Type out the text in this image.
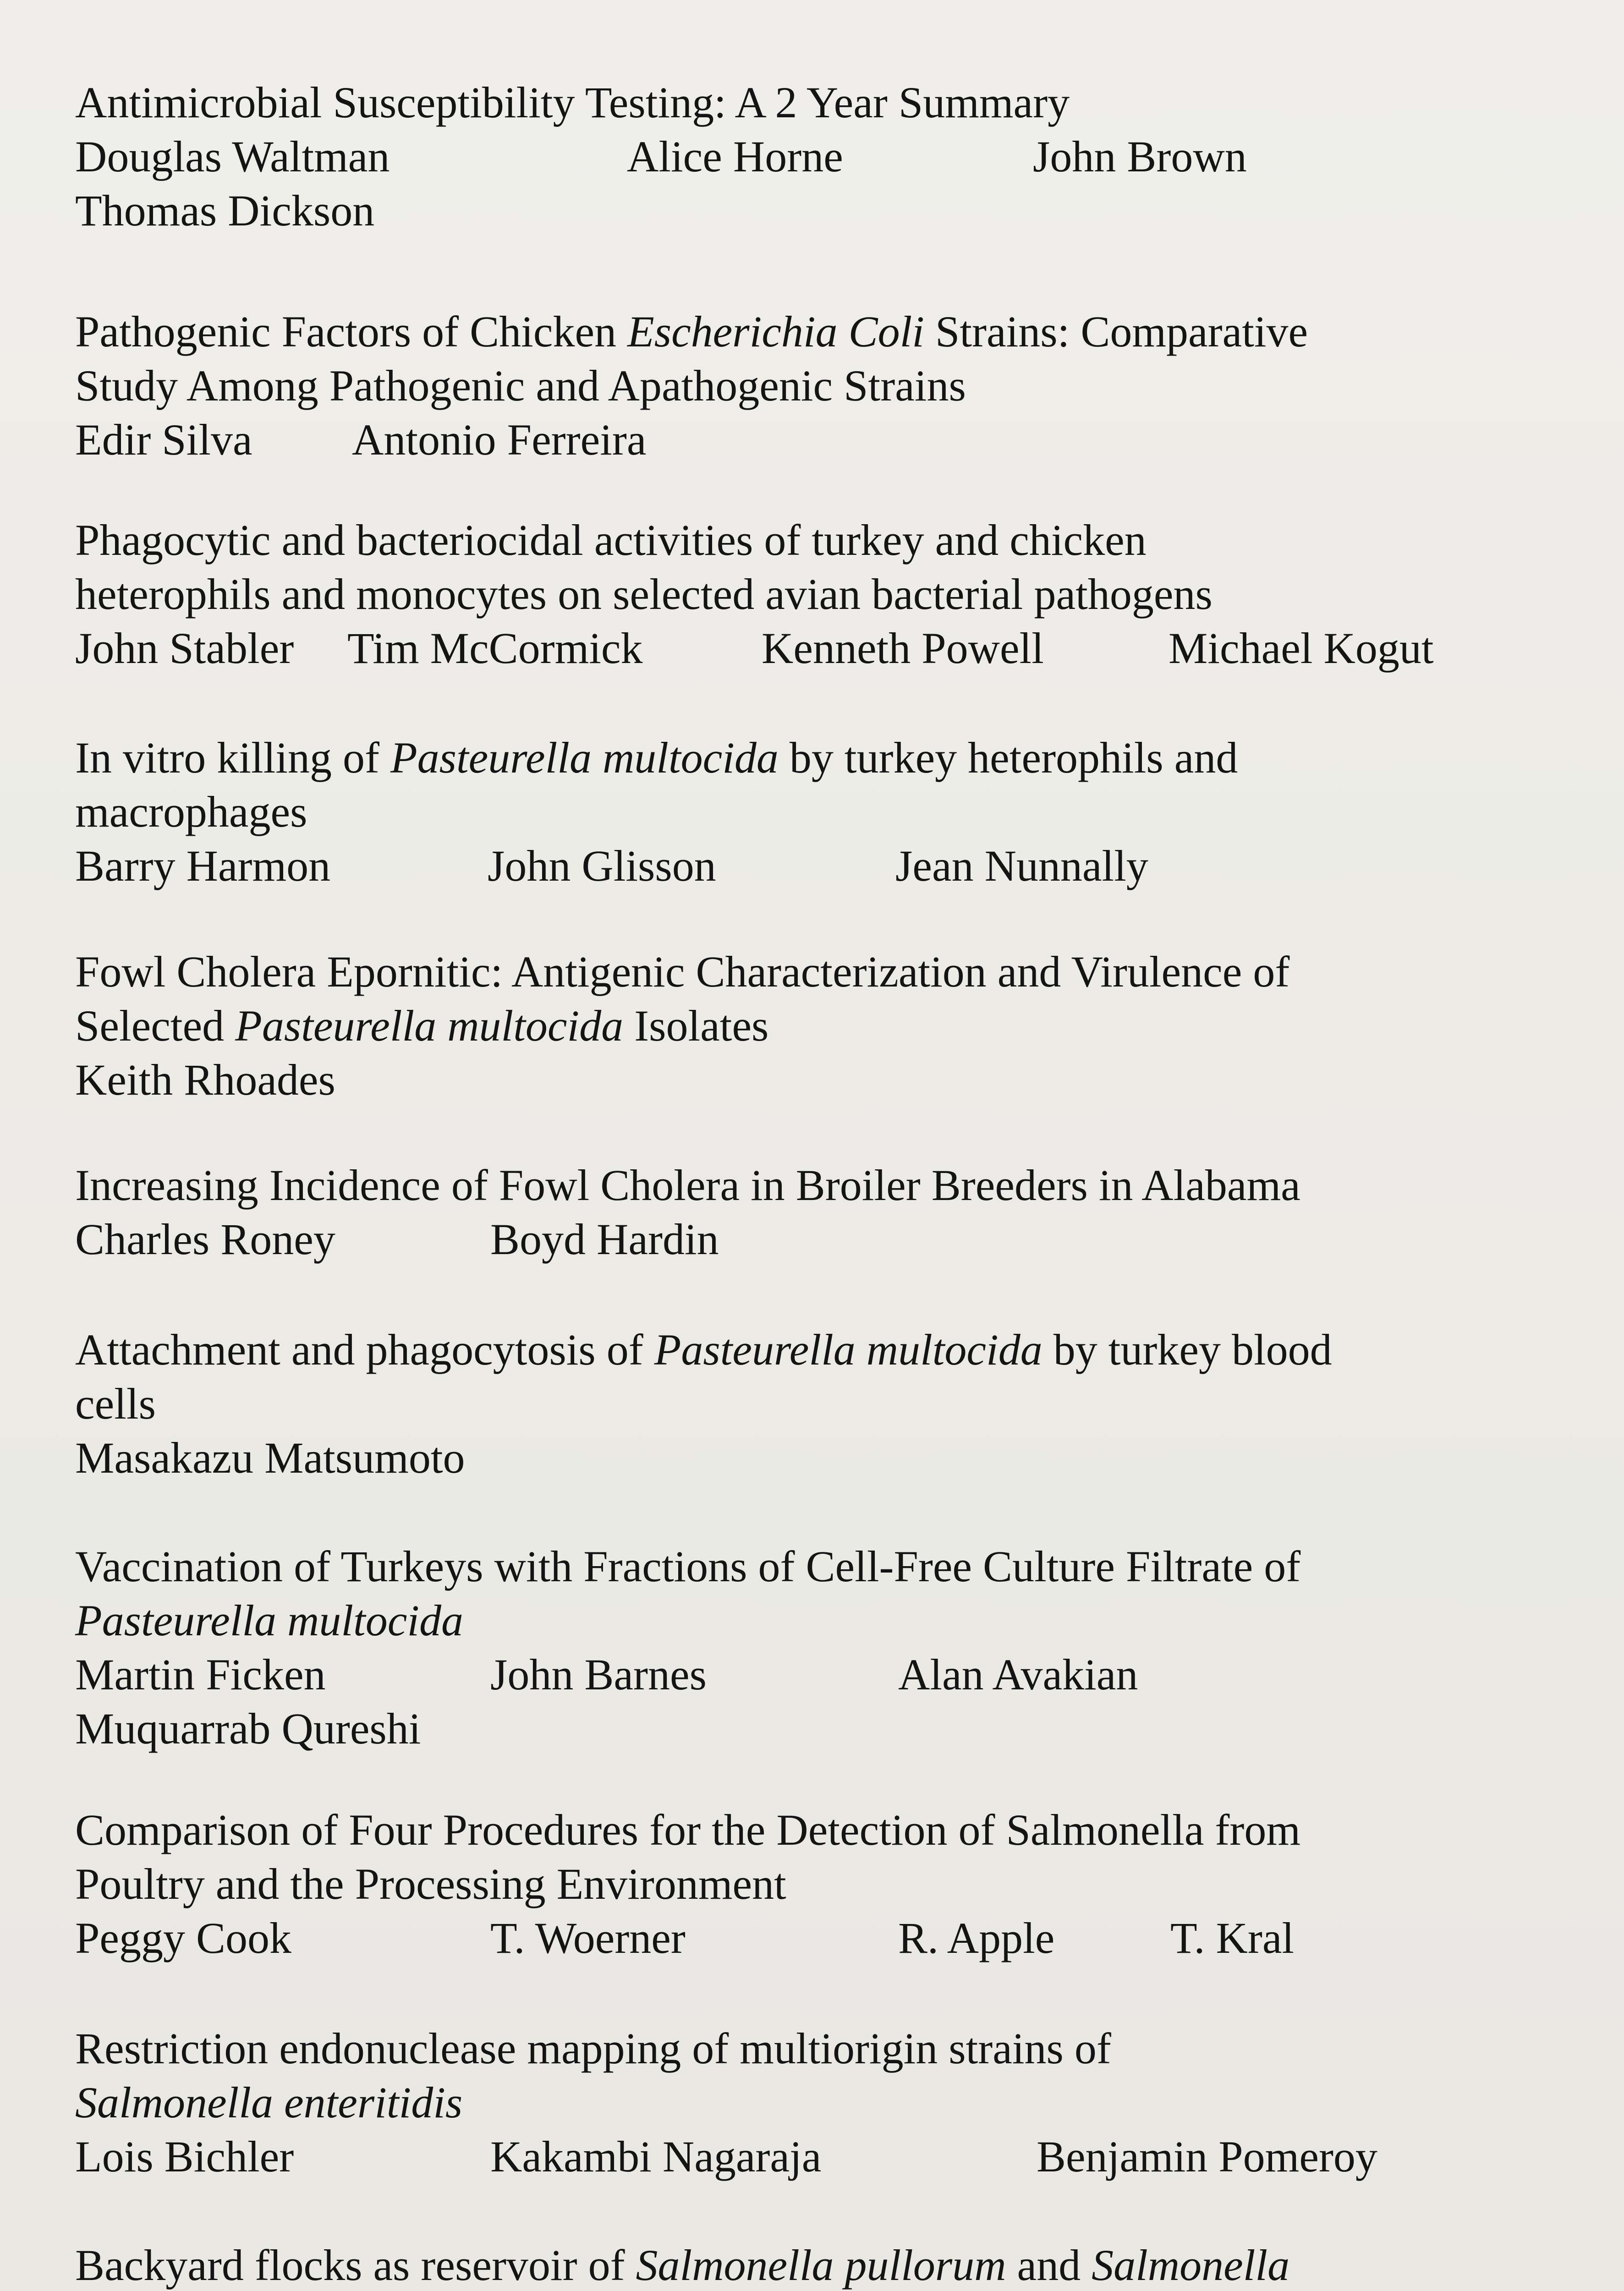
Antimicrobial Susceptibility Testing: A 2 Year Summary
Douglas Waltman	Alice Horne	John Brown
Thomas Dickson
Pathogenic Factors of Chicken Escherichia Coli Strains: Comparative
Study Among Pathogenic and Apathogenic Strains
Edir Silva Antonio Ferreira
Phagocytic and bacteriocidal activities of turkey and chicken
heterophils and monocytes on selected avian bacterial pathogens
John Stabler Tim McCormick	Kenneth Powell	Michael Kogut
In vitro killing of Pasteurella multocida by turkey heterophils and
macrophages
Barry Harmon	John Glisson	Jean Nunnally
Fowl Cholera Epornitic: Antigenic Characterization and Virulence of
Selected Pasteurella multocida Isolates
Keith Rhoades
Increasing Incidence of Fowl Cholera in Broiler Breeders in Alabama
Charles Roney	Boyd Hardin
Attachment and phagocytosis of Pasteurella multocida by turkey blood
cells
Masakazu Matsumoto
Vaccination of Turkeys with Fractions of Cell-Free Culture Filtrate of
Pasteurella multocida
Martin Ficken	John Barnes	Alan Avakian
Muquarrab Qureshi
Comparison of Four Procedures for the Detection of Salmonella from
Poultry and the Processing Environment
Peggy Cook	T. Woerner	R. Apple	T. Kral
Restriction endonuclease mapping of multiorigin strains of
Salmonella enteritidis
Lois Bichler	Kakambi Nagaraja	Benjamin Pomeroy
Backyard flocks as reservoir of Salmonella pullorum and Salmonella
